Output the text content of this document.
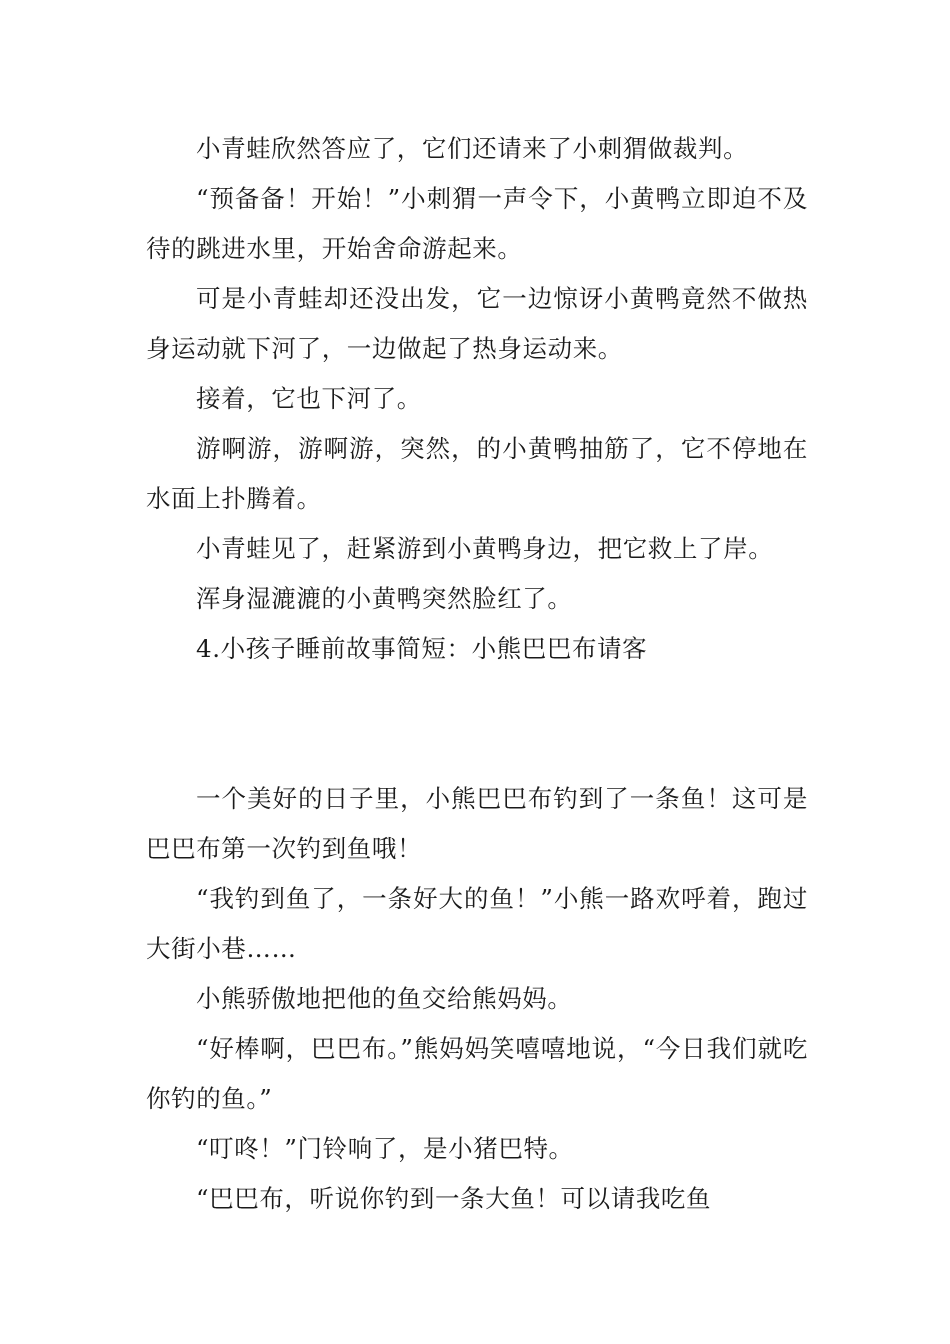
小青蛙欣然答应了，它们还请来了小刺猬做裁判。

“预备备！开始！”小刺猬一声令下，小黄鸭立即迫不及待的跳进水里，开始舍命游起来。

可是小青蛙却还没出发，它一边惊讶小黄鸭竟然不做热身运动就下河了，一边做起了热身运动来。

接着，它也下河了。

游啊游，游啊游，突然，的小黄鸭抽筋了，它不停地在水面上扑腾着。

小青蛙见了，赶紧游到小黄鸭身边，把它救上了岸。

浑身湿漉漉的小黄鸭突然脸红了。

4.小孩子睡前故事简短：小熊巴巴布请客

一个美好的日子里，小熊巴巴布钓到了一条鱼！这可是巴巴布第一次钓到鱼哦！

“我钓到鱼了，一条好大的鱼！”小熊一路欢呼着，跑过大街小巷……

小熊骄傲地把他的鱼交给熊妈妈。

“好棒啊，巴巴布。”熊妈妈笑嘻嘻地说，“今日我们就吃你钓的鱼。”

“叮咚！”门铃响了，是小猪巴特。

“巴巴布，听说你钓到一条大鱼！可以请我吃鱼
